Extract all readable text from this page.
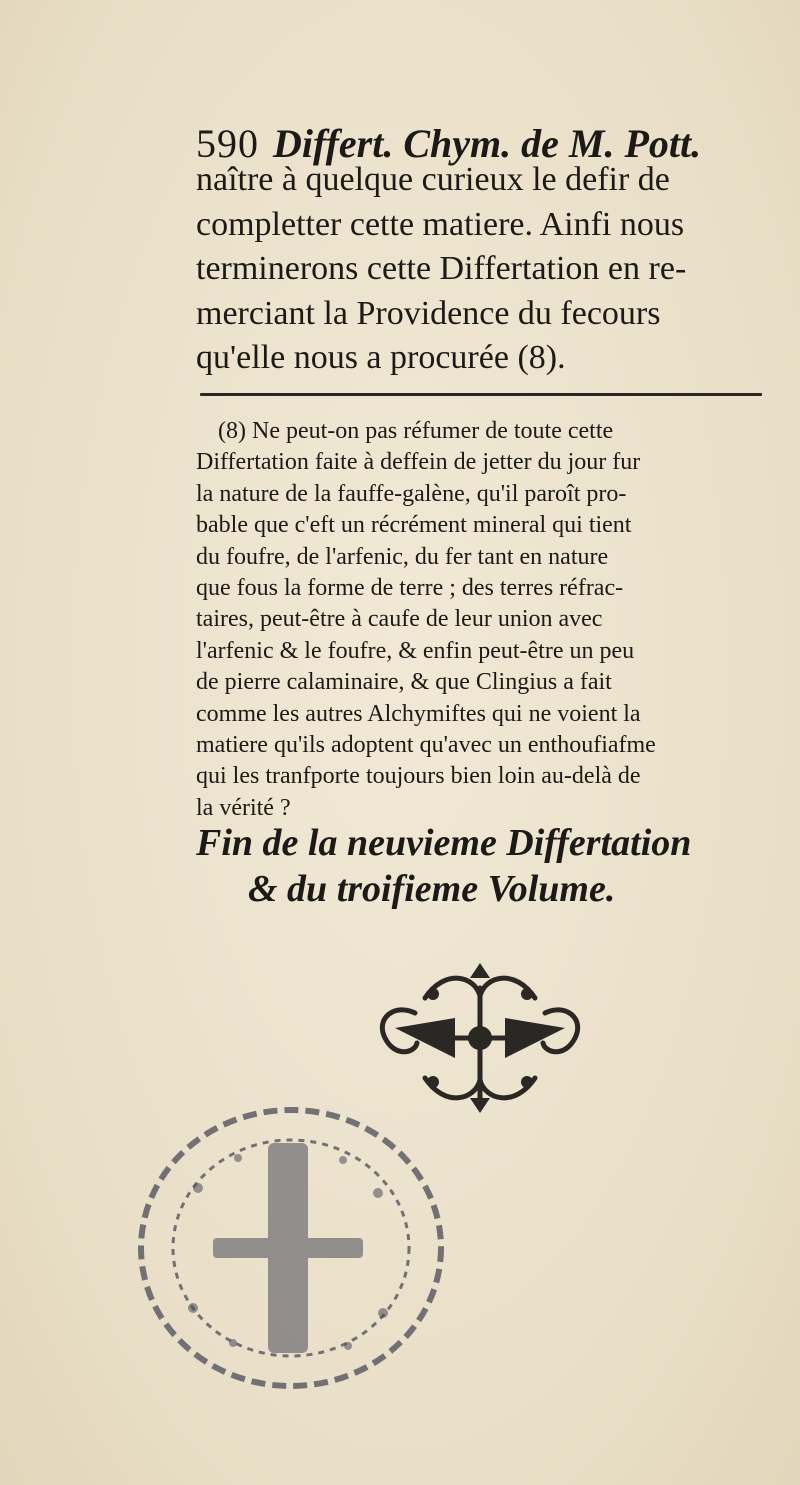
590 Differt. Chym. de M. Pott.

naître à quelque curieux le defir de

completter cette matiere. Ainfi nous

terminerons cette Differtation en re-

merciant la Providence du fecours

qu'elle nous a procurée (8).

(8) Ne peut-on pas réfumer de toute cette

Differtation faite à deffein de jetter du jour fur

la nature de la fauffe-galène, qu'il paroît pro-

bable que c'eft un récrément mineral qui tient

du foufre, de l'arfenic, du fer tant en nature

que fous la forme de terre ; des terres réfrac-

taires, peut-être à caufe de leur union avec

l'arfenic & le foufre, & enfin peut-être un peu

de pierre calaminaire, & que Clingius a fait

comme les autres Alchymiftes qui ne voient la

matiere qu'ils adoptent qu'avec un enthoufiafme

qui les tranfporte toujours bien loin au-delà de

la vérité ?

Fin de la neuvieme Differtation

& du troifieme Volume.
